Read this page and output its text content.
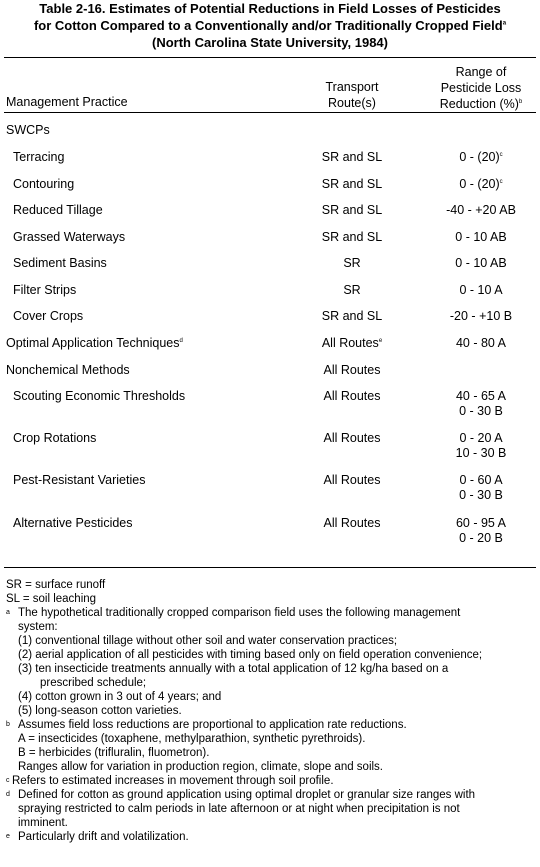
Table 2-16. Estimates of Potential Reductions in Field Losses of Pesticides
for Cotton Compared to a Conventionally and/or Traditionally Cropped Field$^a$
(North Carolina State University, 1984)
Management Practice
Transport
Route(s)
Range of
Pesticide Loss
Reduction (%)$^b$
SWCPs
Terracing	SR and SL	$0 - (20)^c$
Contouring	SR and SL	$0 - (20)^c$
Reduced Tillage	SR and SL	-40 - +20 AB
Grassed Waterways	SR and SL	0 - 10 AB
Sediment Basins	SR	0 - 10 AB
Filter Strips	SR	0 - 10 A
Cover Crops	SR and SL	-20 - +10 B
Optimal Application Techniques$^d$	All Routes$^e$	40 - 80 A
Nonchemical Methods	All Routes
Scouting Economic Thresholds	All Routes	40 - 65 A
0 - 30 B
Crop Rotations	All Routes	0 - 20 A
10 - 30 B
Pest-Resistant Varieties	All Routes	0 - 60 A
0 - 30 B
Alternative Pesticides	All Routes	60 - 95 A
0 - 20 B
SR = surface runoff
SL = soil leaching
a The hypothetical traditionally cropped comparison field uses the following management
system:
(1) conventional tillage without other soil and water conservation practices;
(2) aerial application of all pesticides with timing based only on field operation convenience;
(3) ten insecticide treatments annually with a total application of 12 kg/ha based on a
prescribed schedule;
(4) cotton grown in 3 out of 4 years; and
(5) long-season cotton varieties.
b Assumes field loss reductions are proportional to application rate reductions.
A = insecticides (toxaphene, methylparathion, synthetic pyrethroids).
B = herbicides (trifluralin, fluometron).
Ranges allow for variation in production region, climate, slope and soils.
c Refers to estimated increases in movement through soil profile.
d Defined for cotton as ground application using optimal droplet or granular size ranges with
spraying restricted to calm periods in late afternoon or at night when precipitation is not
imminent.
e Particularly drift and volatilization.
